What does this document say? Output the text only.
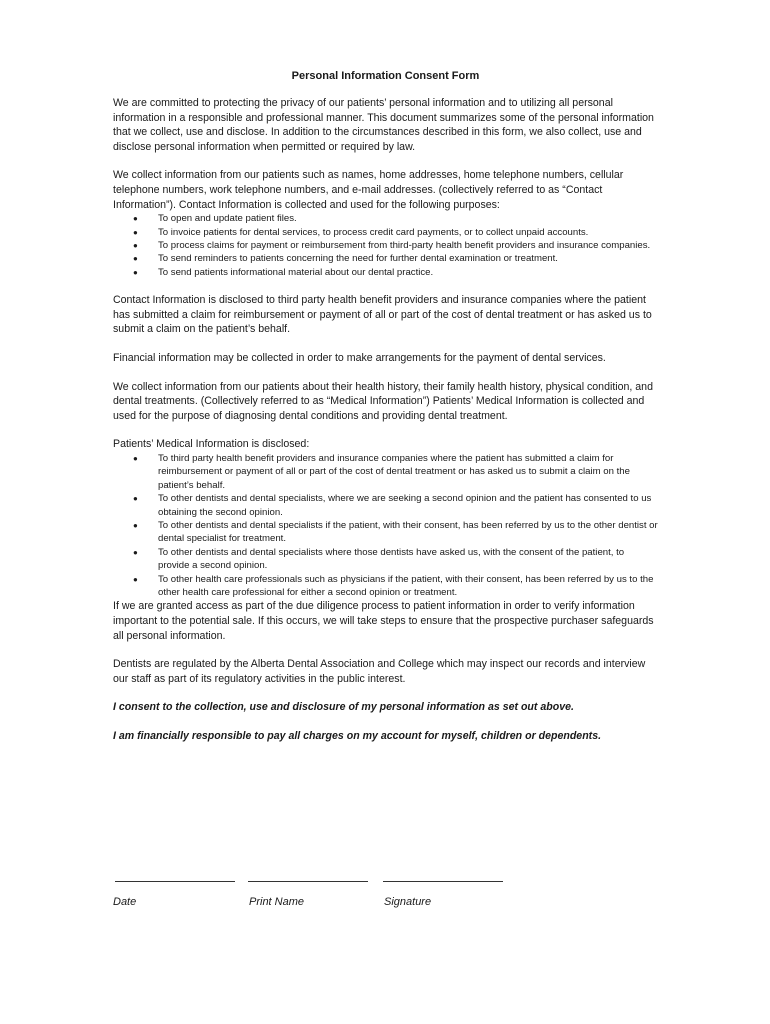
Personal Information Consent Form

We are committed to protecting the privacy of our patients’ personal information and to utilizing all personal information in a responsible and professional manner. This document summarizes some of the personal information that we collect, use and disclose. In addition to the circumstances described in this form, we also collect, use and disclose personal information when permitted or required by law.

We collect information from our patients such as names, home addresses, home telephone numbers, cellular telephone numbers, work telephone numbers, and e-mail addresses. (collectively referred to as “Contact Information”). Contact Information is collected and used for the following purposes:

● To open and update patient files.
● To invoice patients for dental services, to process credit card payments, or to collect unpaid accounts.
● To process claims for payment or reimbursement from third-party health benefit providers and insurance companies.
● To send reminders to patients concerning the need for further dental examination or treatment.
● To send patients informational material about our dental practice.

Contact Information is disclosed to third party health benefit providers and insurance companies where the patient has submitted a claim for reimbursement or payment of all or part of the cost of dental treatment or has asked us to submit a claim on the patient’s behalf.

Financial information may be collected in order to make arrangements for the payment of dental services.

We collect information from our patients about their health history, their family health history, physical condition, and dental treatments. (Collectively referred to as “Medical Information”) Patients’ Medical Information is collected and used for the purpose of diagnosing dental conditions and providing dental treatment.

Patients’ Medical Information is disclosed:

● To third party health benefit providers and insurance companies where the patient has submitted a claim for reimbursement or payment of all or part of the cost of dental treatment or has asked us to submit a claim on the patient’s behalf.
● To other dentists and dental specialists, where we are seeking a second opinion and the patient has consented to us obtaining the second opinion.
● To other dentists and dental specialists if the patient, with their consent, has been referred by us to the other dentist or dental specialist for treatment.
● To other dentists and dental specialists where those dentists have asked us, with the consent of the patient, to provide a second opinion.
● To other health care professionals such as physicians if the patient, with their consent, has been referred by us to the other health care professional for either a second opinion or treatment.

If we are granted access as part of the due diligence process to patient information in order to verify information important to the potential sale. If this occurs, we will take steps to ensure that the prospective purchaser safeguards all personal information.

Dentists are regulated by the Alberta Dental Association and College which may inspect our records and interview our staff as part of its regulatory activities in the public interest.

I consent to the collection, use and disclosure of my personal information as set out above.

I am financially responsible to pay all charges on my account for myself, children or dependents.

Date	Print Name	Signature
